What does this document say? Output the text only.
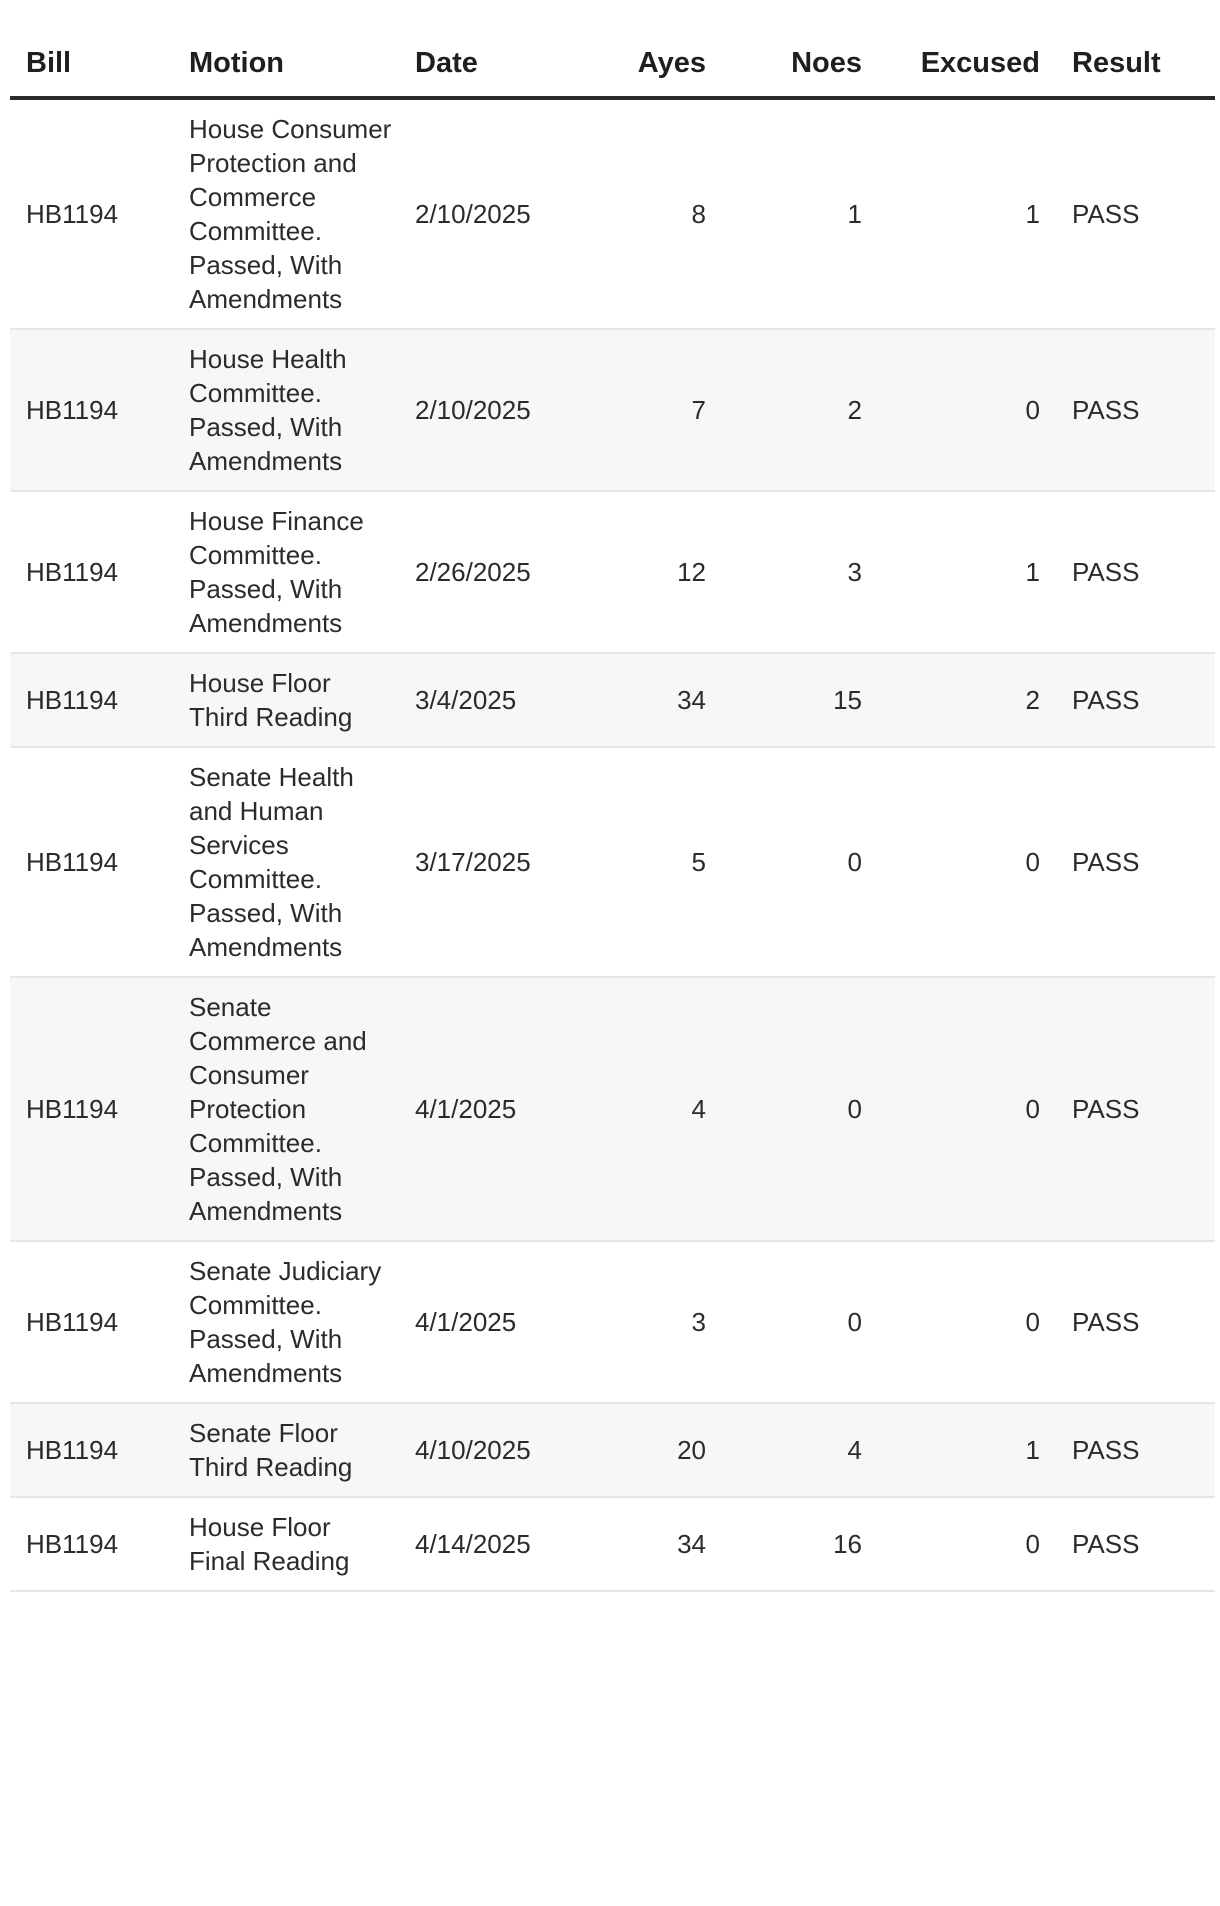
Bill	Motion	Date	Ayes	Noes	Excused	Result
HB1194	House Consumer Protection and Commerce Committee. Passed, With Amendments	2/10/2025	8	1	1	PASS
HB1194	House Health Committee. Passed, With Amendments	2/10/2025	7	2	0	PASS
HB1194	House Finance Committee. Passed, With Amendments	2/26/2025	12	3	1	PASS
HB1194	House Floor Third Reading	3/4/2025	34	15	2	PASS
HB1194	Senate Health and Human Services Committee. Passed, With Amendments	3/17/2025	5	0	0	PASS
HB1194	Senate Commerce and Consumer Protection Committee. Passed, With Amendments	4/1/2025	4	0	0	PASS
HB1194	Senate Judiciary Committee. Passed, With Amendments	4/1/2025	3	0	0	PASS
HB1194	Senate Floor Third Reading	4/10/2025	20	4	1	PASS
HB1194	House Floor Final Reading	4/14/2025	34	16	0	PASS
